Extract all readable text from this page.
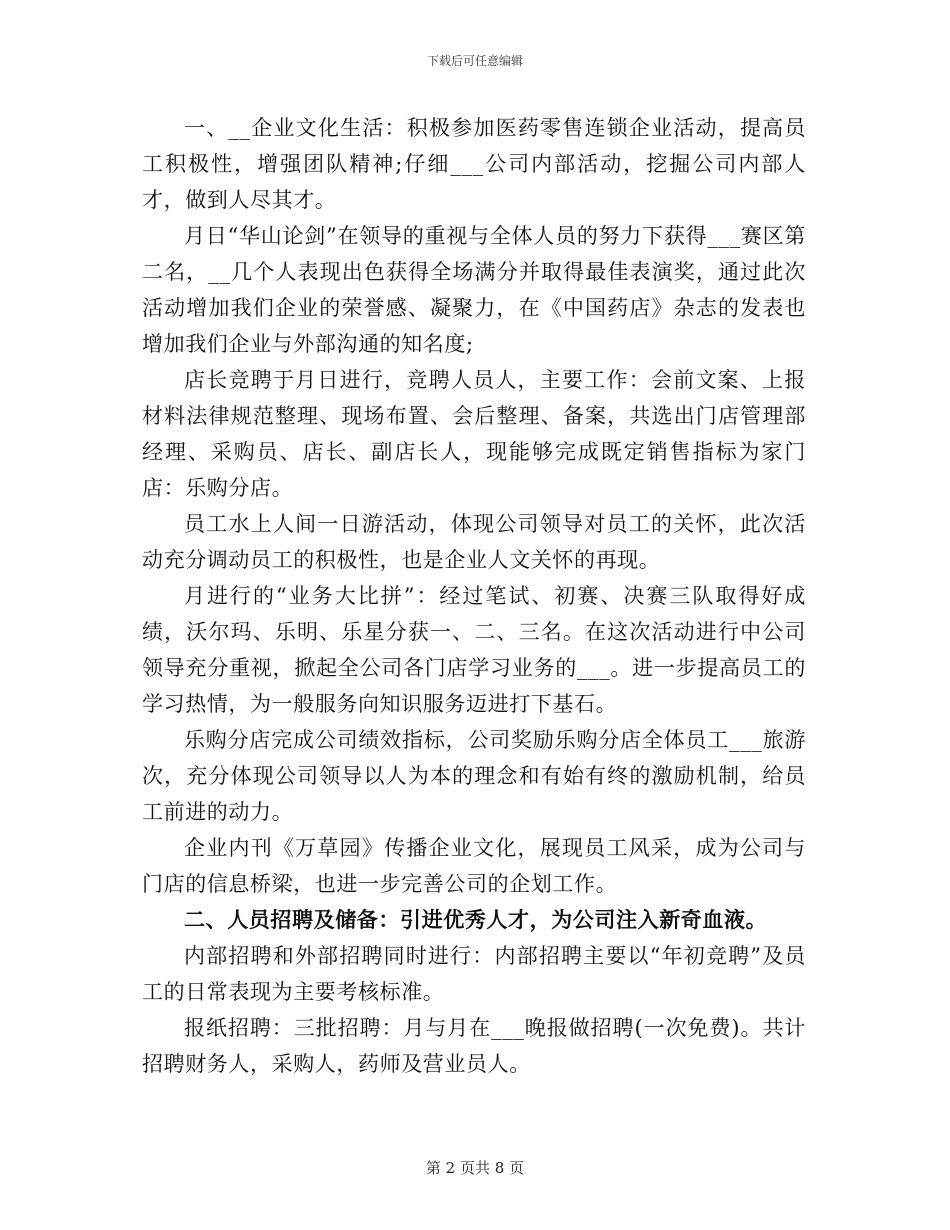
下载后可任意编辑

一、__企业文化生活：积极参加医药零售连锁企业活动，提高员工积极性，增强团队精神;仔细___公司内部活动，挖掘公司内部人才，做到人尽其才。

月日“华山论剑”在领导的重视与全体人员的努力下获得___赛区第二名，__几个人表现出色获得全场满分并取得最佳表演奖，通过此次活动增加我们企业的荣誉感、凝聚力，在《中国药店》杂志的发表也增加我们企业与外部沟通的知名度;

店长竞聘于月日进行，竞聘人员人，主要工作：会前文案、上报材料法律规范整理、现场布置、会后整理、备案，共选出门店管理部经理、采购员、店长、副店长人，现能够完成既定销售指标为家门店：乐购分店。

员工水上人间一日游活动，体现公司领导对员工的关怀，此次活动充分调动员工的积极性，也是企业人文关怀的再现。

月进行的“业务大比拼”：经过笔试、初赛、决赛三队取得好成绩，沃尔玛、乐明、乐星分获一、二、三名。在这次活动进行中公司领导充分重视，掀起全公司各门店学习业务的___。进一步提高员工的学习热情，为一般服务向知识服务迈进打下基石。

乐购分店完成公司绩效指标，公司奖励乐购分店全体员工___旅游次，充分体现公司领导以人为本的理念和有始有终的激励机制，给员工前进的动力。

企业内刊《万草园》传播企业文化，展现员工风采，成为公司与门店的信息桥梁，也进一步完善公司的企划工作。

二、人员招聘及储备：引进优秀人才，为公司注入新奇血液。

内部招聘和外部招聘同时进行：内部招聘主要以“年初竞聘”及员工的日常表现为主要考核标准。

报纸招聘：三批招聘：月与月在___晚报做招聘(一次免费)。共计招聘财务人，采购人，药师及营业员人。

第 2 页共 8 页
